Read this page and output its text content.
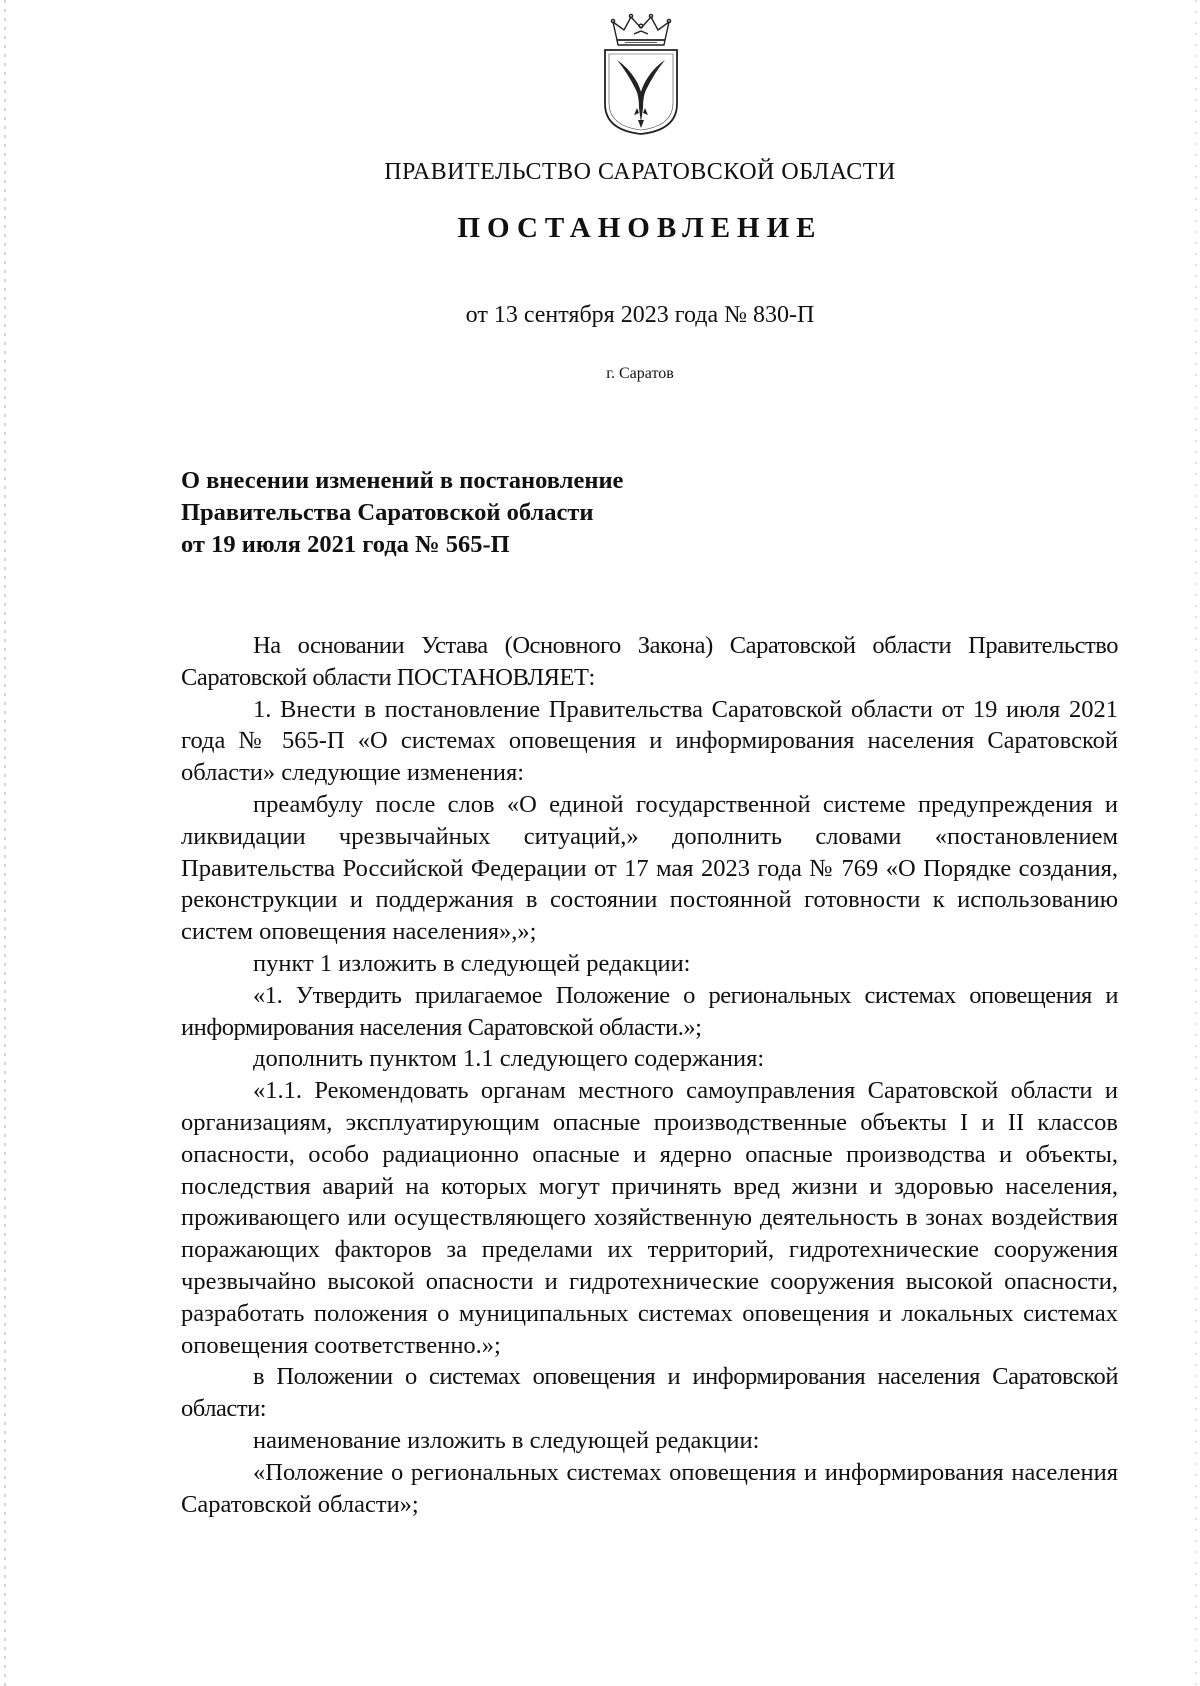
ПРАВИТЕЛЬСТВО САРАТОВСКОЙ ОБЛАСТИ
ПОСТАНОВЛЕНИЕ
от 13 сентября 2023 года № 830-П
г. Саратов
О внесении изменений в постановление
Правительства Саратовской области
от 19 июля 2021 года № 565-П

На основании Устава (Основного Закона) Саратовской области Правительство Саратовской области ПОСТАНОВЛЯЕТ:

1. Внести в постановление Правительства Саратовской области от 19 июля 2021 года № 565-П «О системах оповещения и информирования населения Саратовской области» следующие изменения:

преамбулу после слов «О единой государственной системе предупреждения и ликвидации чрезвычайных ситуаций,» дополнить словами «постановлением Правительства Российской Федерации от 17 мая 2023 года № 769 «О Порядке создания, реконструкции и поддержания в состоянии постоянной готовности к использованию систем оповещения населения»,»;

пункт 1 изложить в следующей редакции:

«1. Утвердить прилагаемое Положение о региональных системах оповещения и информирования населения Саратовской области.»;

дополнить пунктом 1.1 следующего содержания:

«1.1. Рекомендовать органам местного самоуправления Саратовской области и организациям, эксплуатирующим опасные производственные объекты I и II классов опасности, особо радиационно опасные и ядерно опасные производства и объекты, последствия аварий на которых могут причинять вред жизни и здоровью населения, проживающего или осуществляющего хозяйственную деятельность в зонах воздействия поражающих факторов за пределами их территорий, гидротехнические сооружения чрезвычайно высокой опасности и гидротехнические сооружения высокой опасности, разработать положения о муниципальных системах оповещения и локальных системах оповещения соответственно.»;

в Положении о системах оповещения и информирования населения Саратовской области:

наименование изложить в следующей редакции:

«Положение о региональных системах оповещения и информирования населения Саратовской области»;
